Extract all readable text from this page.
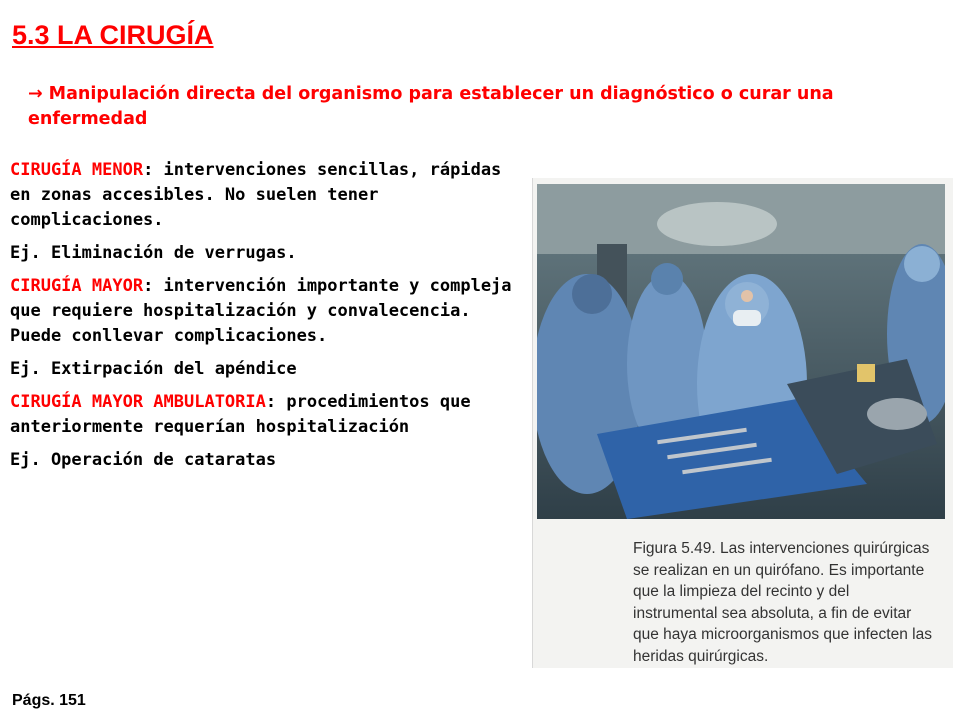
5.3 LA CIRUGÍA
→ Manipulación directa del organismo para establecer un diagnóstico o curar una enfermedad

CIRUGÍA MENOR: intervenciones sencillas, rápidas en zonas accesibles. No suelen tener complicaciones.

Ej. Eliminación de verrugas.

CIRUGÍA MAYOR: intervención importante y compleja que requiere hospitalización y convalecencia. Puede conllevar complicaciones.

Ej. Extirpación del apéndice

CIRUGÍA MAYOR AMBULATORIA: procedimientos que anteriormente requerían hospitalización

Ej. Operación de cataratas

Figura 5.49. Las intervenciones quirúrgicas se realizan en un quirófano. Es importante que la limpieza del recinto y del instrumental sea absoluta, a fin de evitar que haya microorganismos que infecten las heridas quirúrgicas.
Págs. 151
